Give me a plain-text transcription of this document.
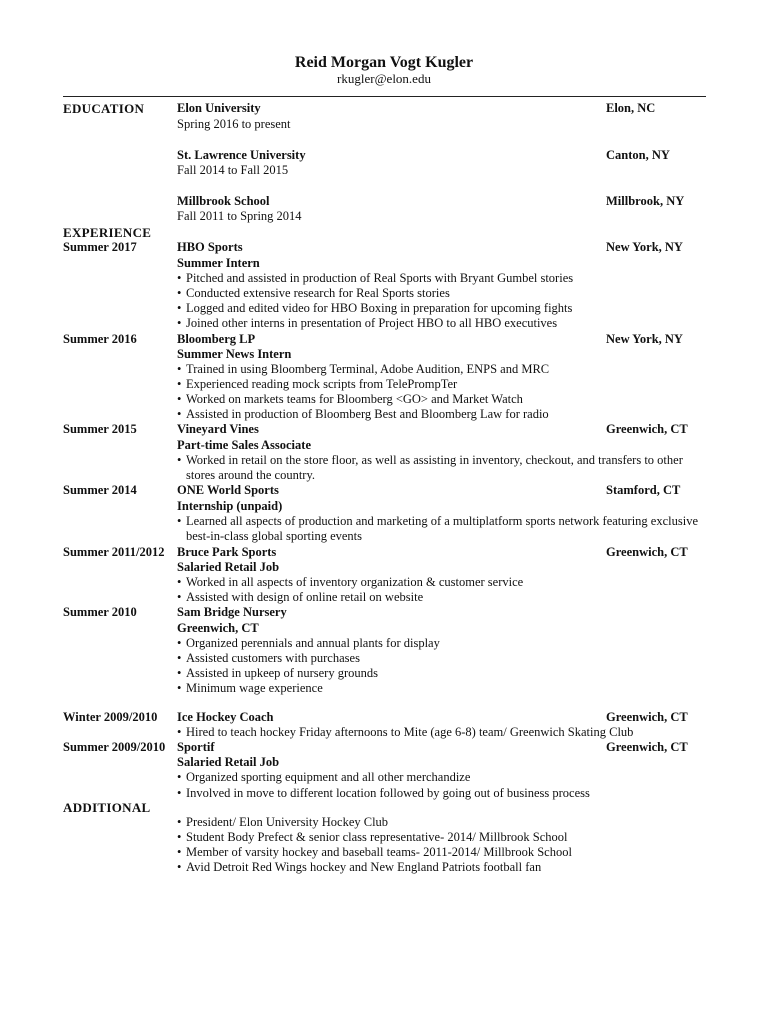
Reid Morgan Vogt Kugler
rkugler@elon.edu
EDUCATION	Elon University	Elon, NC
Spring 2016 to present
St. Lawrence University	Canton, NY
Fall 2014 to Fall 2015
Millbrook School	Millbrook, NY
Fall 2011 to Spring 2014
EXPERIENCE
Summer 2017	HBO Sports	New York, NY
Summer Intern
• Pitched and assisted in production of Real Sports with Bryant Gumbel stories
• Conducted extensive research for Real Sports stories
• Logged and edited video for HBO Boxing in preparation for upcoming fights
• Joined other interns in presentation of Project HBO to all HBO executives
Summer 2016	Bloomberg LP	New York, NY
Summer News Intern
• Trained in using Bloomberg Terminal, Adobe Audition, ENPS and MRC
• Experienced reading mock scripts from TelePrompTer
• Worked on markets teams for Bloomberg <GO> and Market Watch
• Assisted in production of Bloomberg Best and Bloomberg Law for radio
Summer 2015	Vineyard Vines	Greenwich, CT
Part-time Sales Associate
• Worked in retail on the store floor, as well as assisting in inventory, checkout, and transfers to other stores around the country.
Summer 2014	ONE World Sports	Stamford, CT
Internship (unpaid)
• Learned all aspects of production and marketing of a multiplatform sports network featuring exclusive best-in-class global sporting events
Summer 2011/2012 Bruce Park Sports	Greenwich, CT
Salaried Retail Job
• Worked in all aspects of inventory organization & customer service
• Assisted with design of online retail on website
Summer 2010	Sam Bridge Nursery
Greenwich, CT
• Organized perennials and annual plants for display
• Assisted customers with purchases
• Assisted in upkeep of nursery grounds
• Minimum wage experience
Winter 2009/2010 Ice Hockey Coach	Greenwich, CT
• Hired to teach hockey Friday afternoons to Mite (age 6-8) team/ Greenwich Skating Club
Summer 2009/2010 Sportif	Greenwich, CT
Salaried Retail Job
• Organized sporting equipment and all other merchandize
• Involved in move to different location followed by going out of business process
ADDITIONAL
• President/ Elon University Hockey Club
• Student Body Prefect & senior class representative- 2014/ Millbrook School
• Member of varsity hockey and baseball teams- 2011-2014/ Millbrook School
• Avid Detroit Red Wings hockey and New England Patriots football fan
